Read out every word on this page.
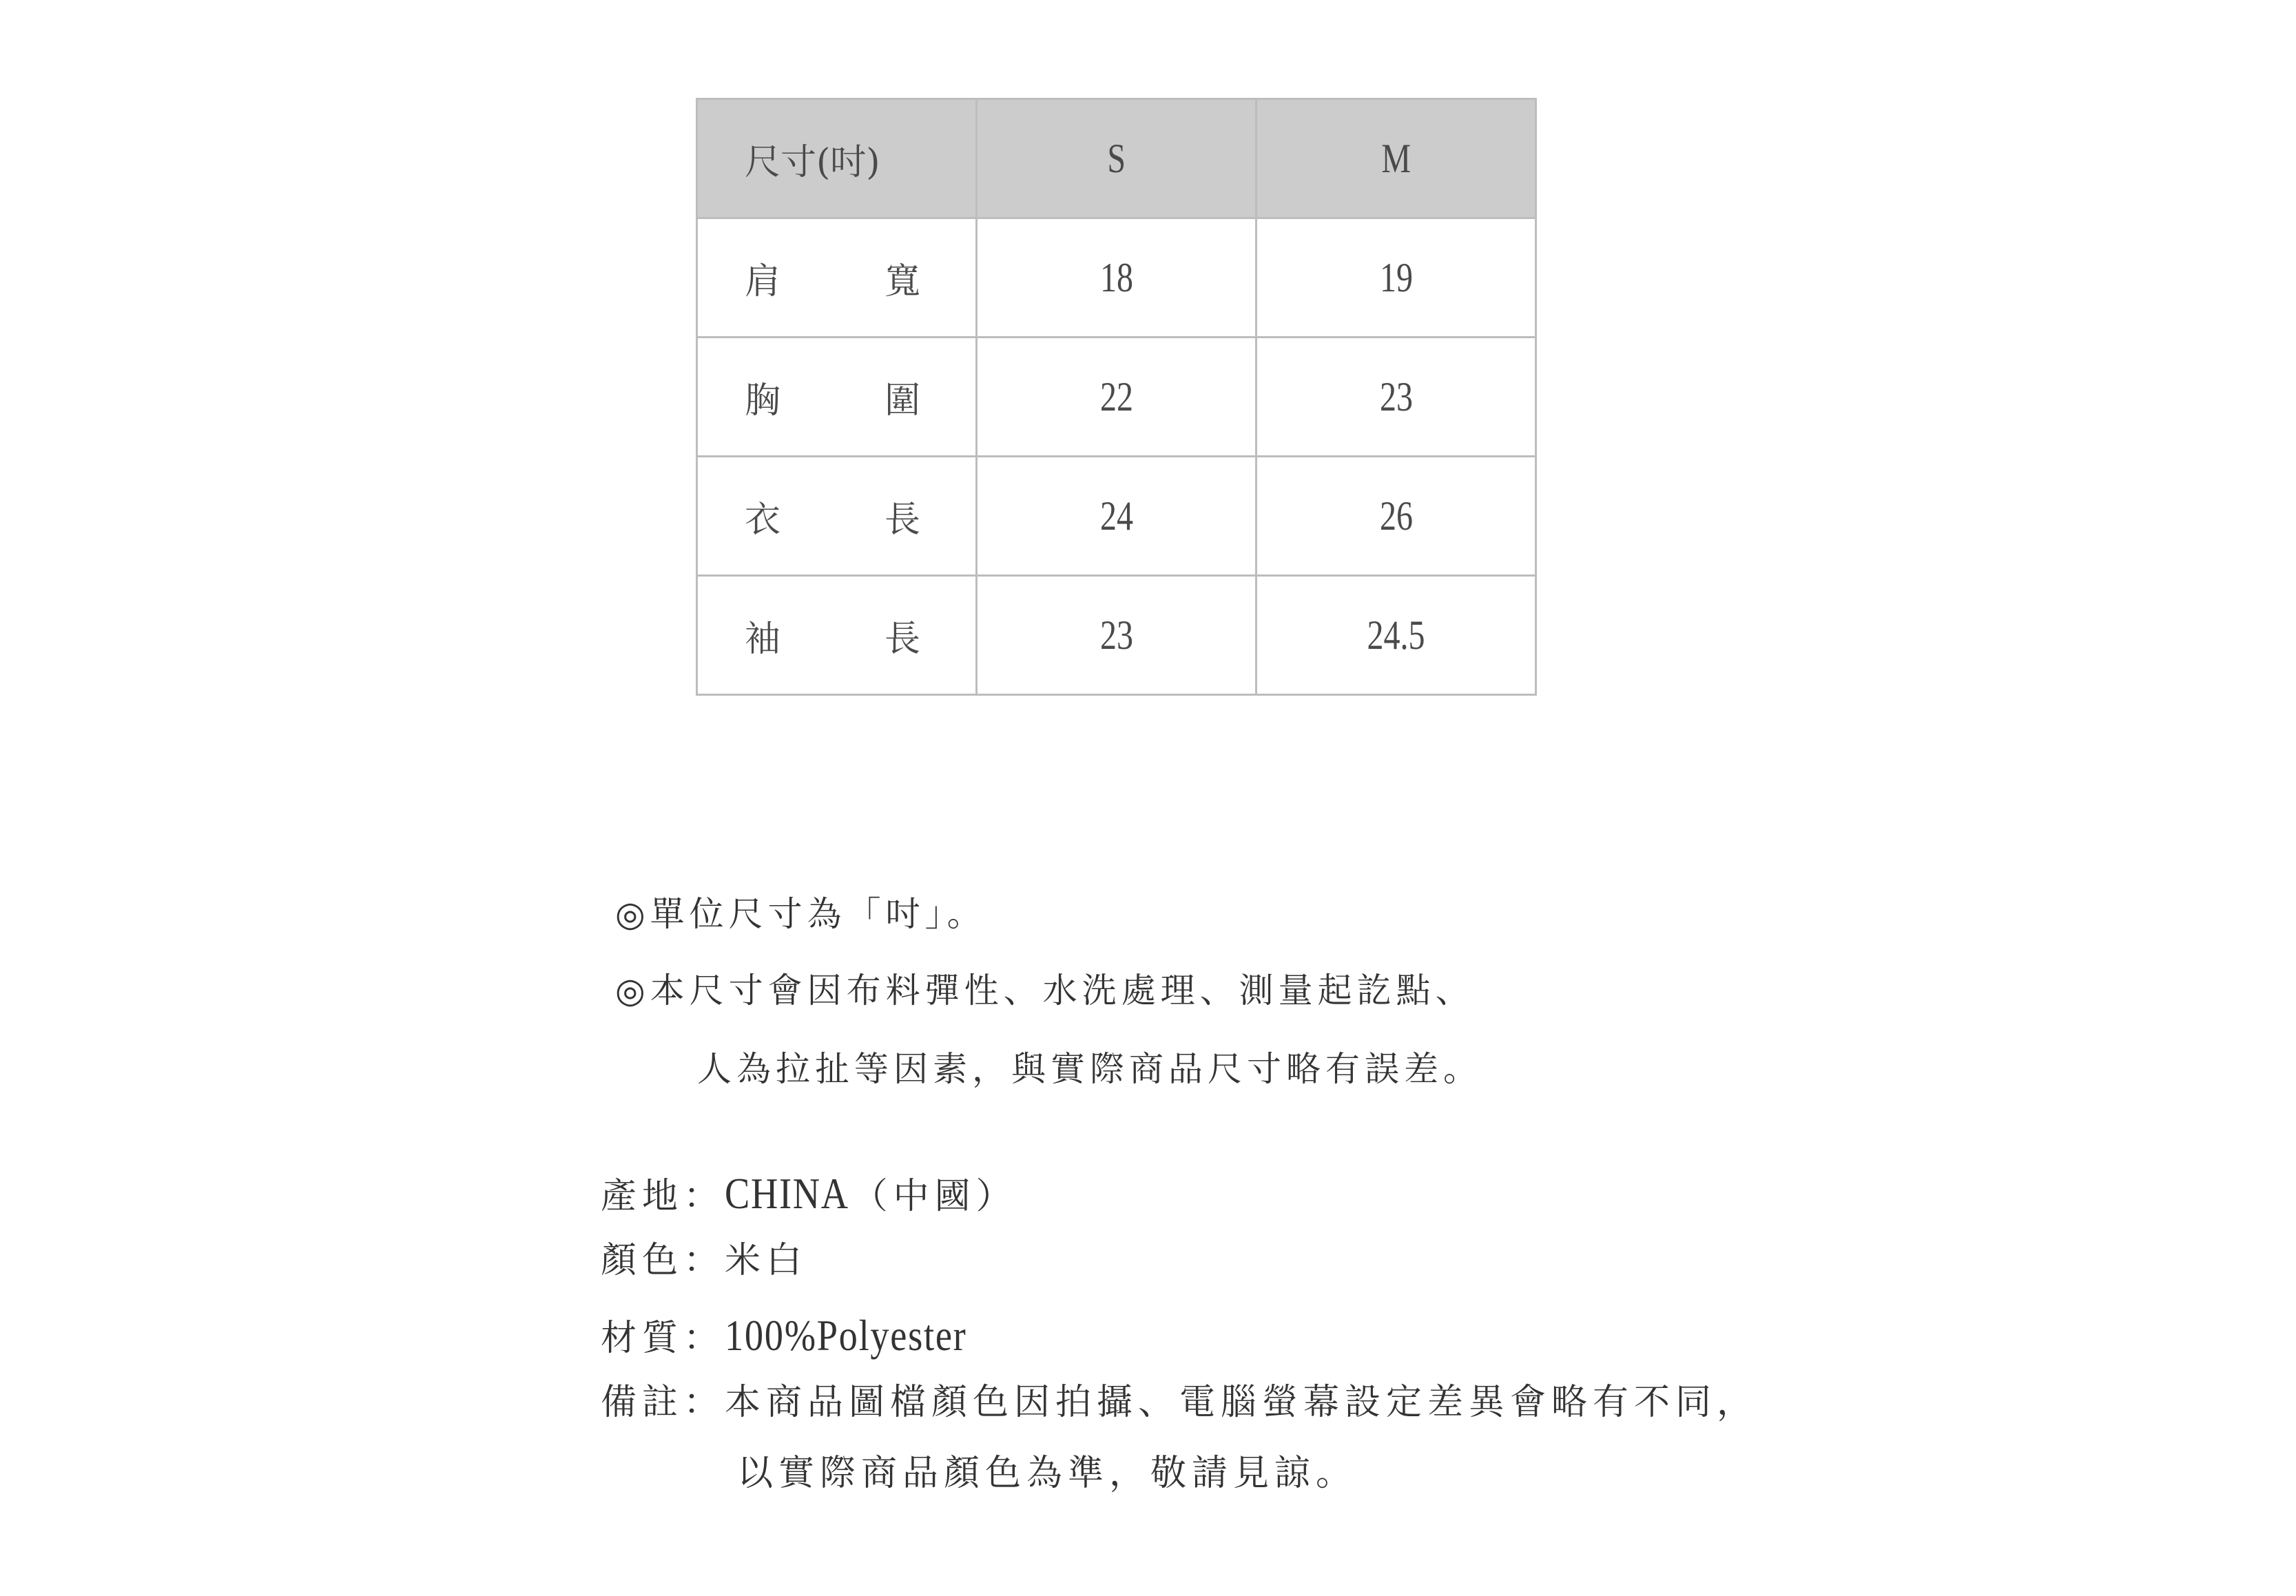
尺寸(吋)	S	M

肩 寬	18	19

胸 圍	22	23

衣 長	24	26

袖 長	23	24.5
◎單位尺寸為「吋」。
◎本尺寸會因布料彈性、水洗處理、測量起訖點、
人為拉扯等因素，與實際商品尺寸略有誤差。
產地：CHINA（中國）
顏色：米白
材質：100%Polyester
備註：本商品圖檔顏色因拍攝、電腦螢幕設定差異會略有不同，
以實際商品顏色為準，敬請見諒。
